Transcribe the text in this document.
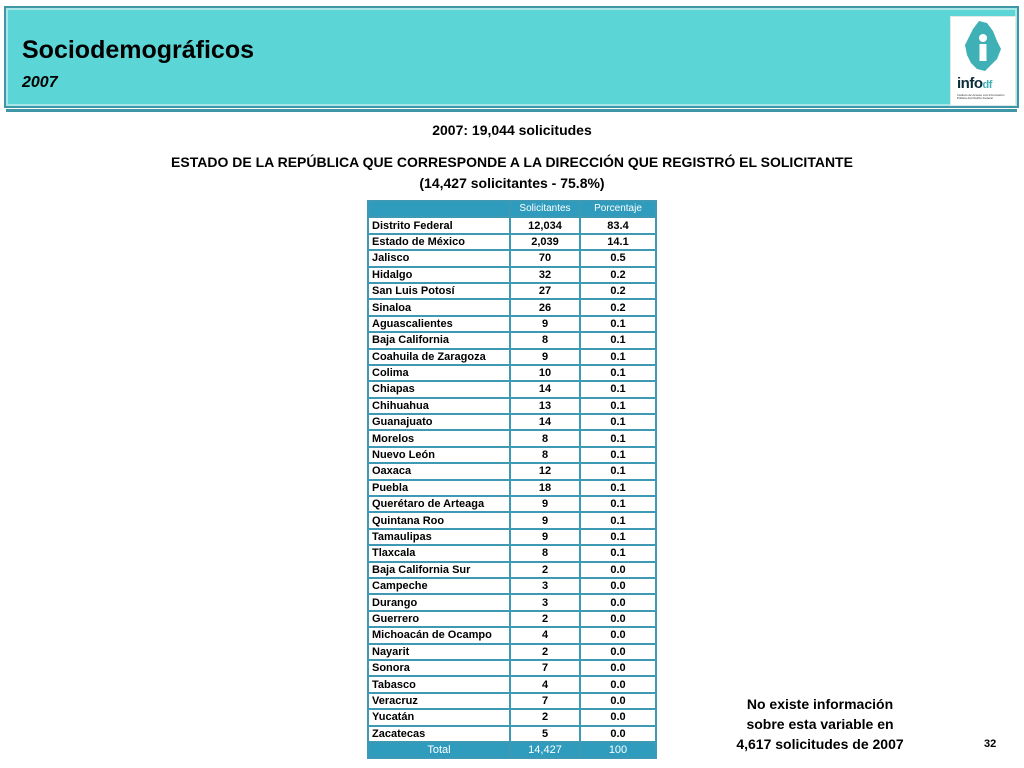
Sociodemográficos
2007	infodf
Instituto de Acceso a la Información Pública del Distrito Federal
2007: 19,044 solicitudes
ESTADO DE LA REPÚBLICA QUE CORRESPONDE A LA DIRECCIÓN QUE REGISTRÓ EL SOLICITANTE
(14,427 solicitantes - 75.8%)
	Solicitantes	Porcentaje
Distrito Federal	12,034	83.4
Estado de México	2,039	14.1
Jalisco	70	0.5
Hidalgo	32	0.2
San Luis Potosí	27	0.2
Sinaloa	26	0.2
Aguascalientes	9	0.1
Baja California	8	0.1
Coahuila de Zaragoza	9	0.1
Colima	10	0.1
Chiapas	14	0.1
Chihuahua	13	0.1
Guanajuato	14	0.1
Morelos	8	0.1
Nuevo León	8	0.1
Oaxaca	12	0.1
Puebla	18	0.1
Querétaro de Arteaga	9	0.1
Quintana Roo	9	0.1
Tamaulipas	9	0.1
Tlaxcala	8	0.1
Baja California Sur	2	0.0
Campeche	3	0.0
Durango	3	0.0
Guerrero	2	0.0
Michoacán de Ocampo	4	0.0
Nayarit	2	0.0
Sonora	7	0.0
Tabasco	4	0.0
Veracruz	7	0.0
Yucatán	2	0.0
Zacatecas	5	0.0
Total	14,427	100
No existe información
sobre esta variable en
4,617 solicitudes de 2007	32
